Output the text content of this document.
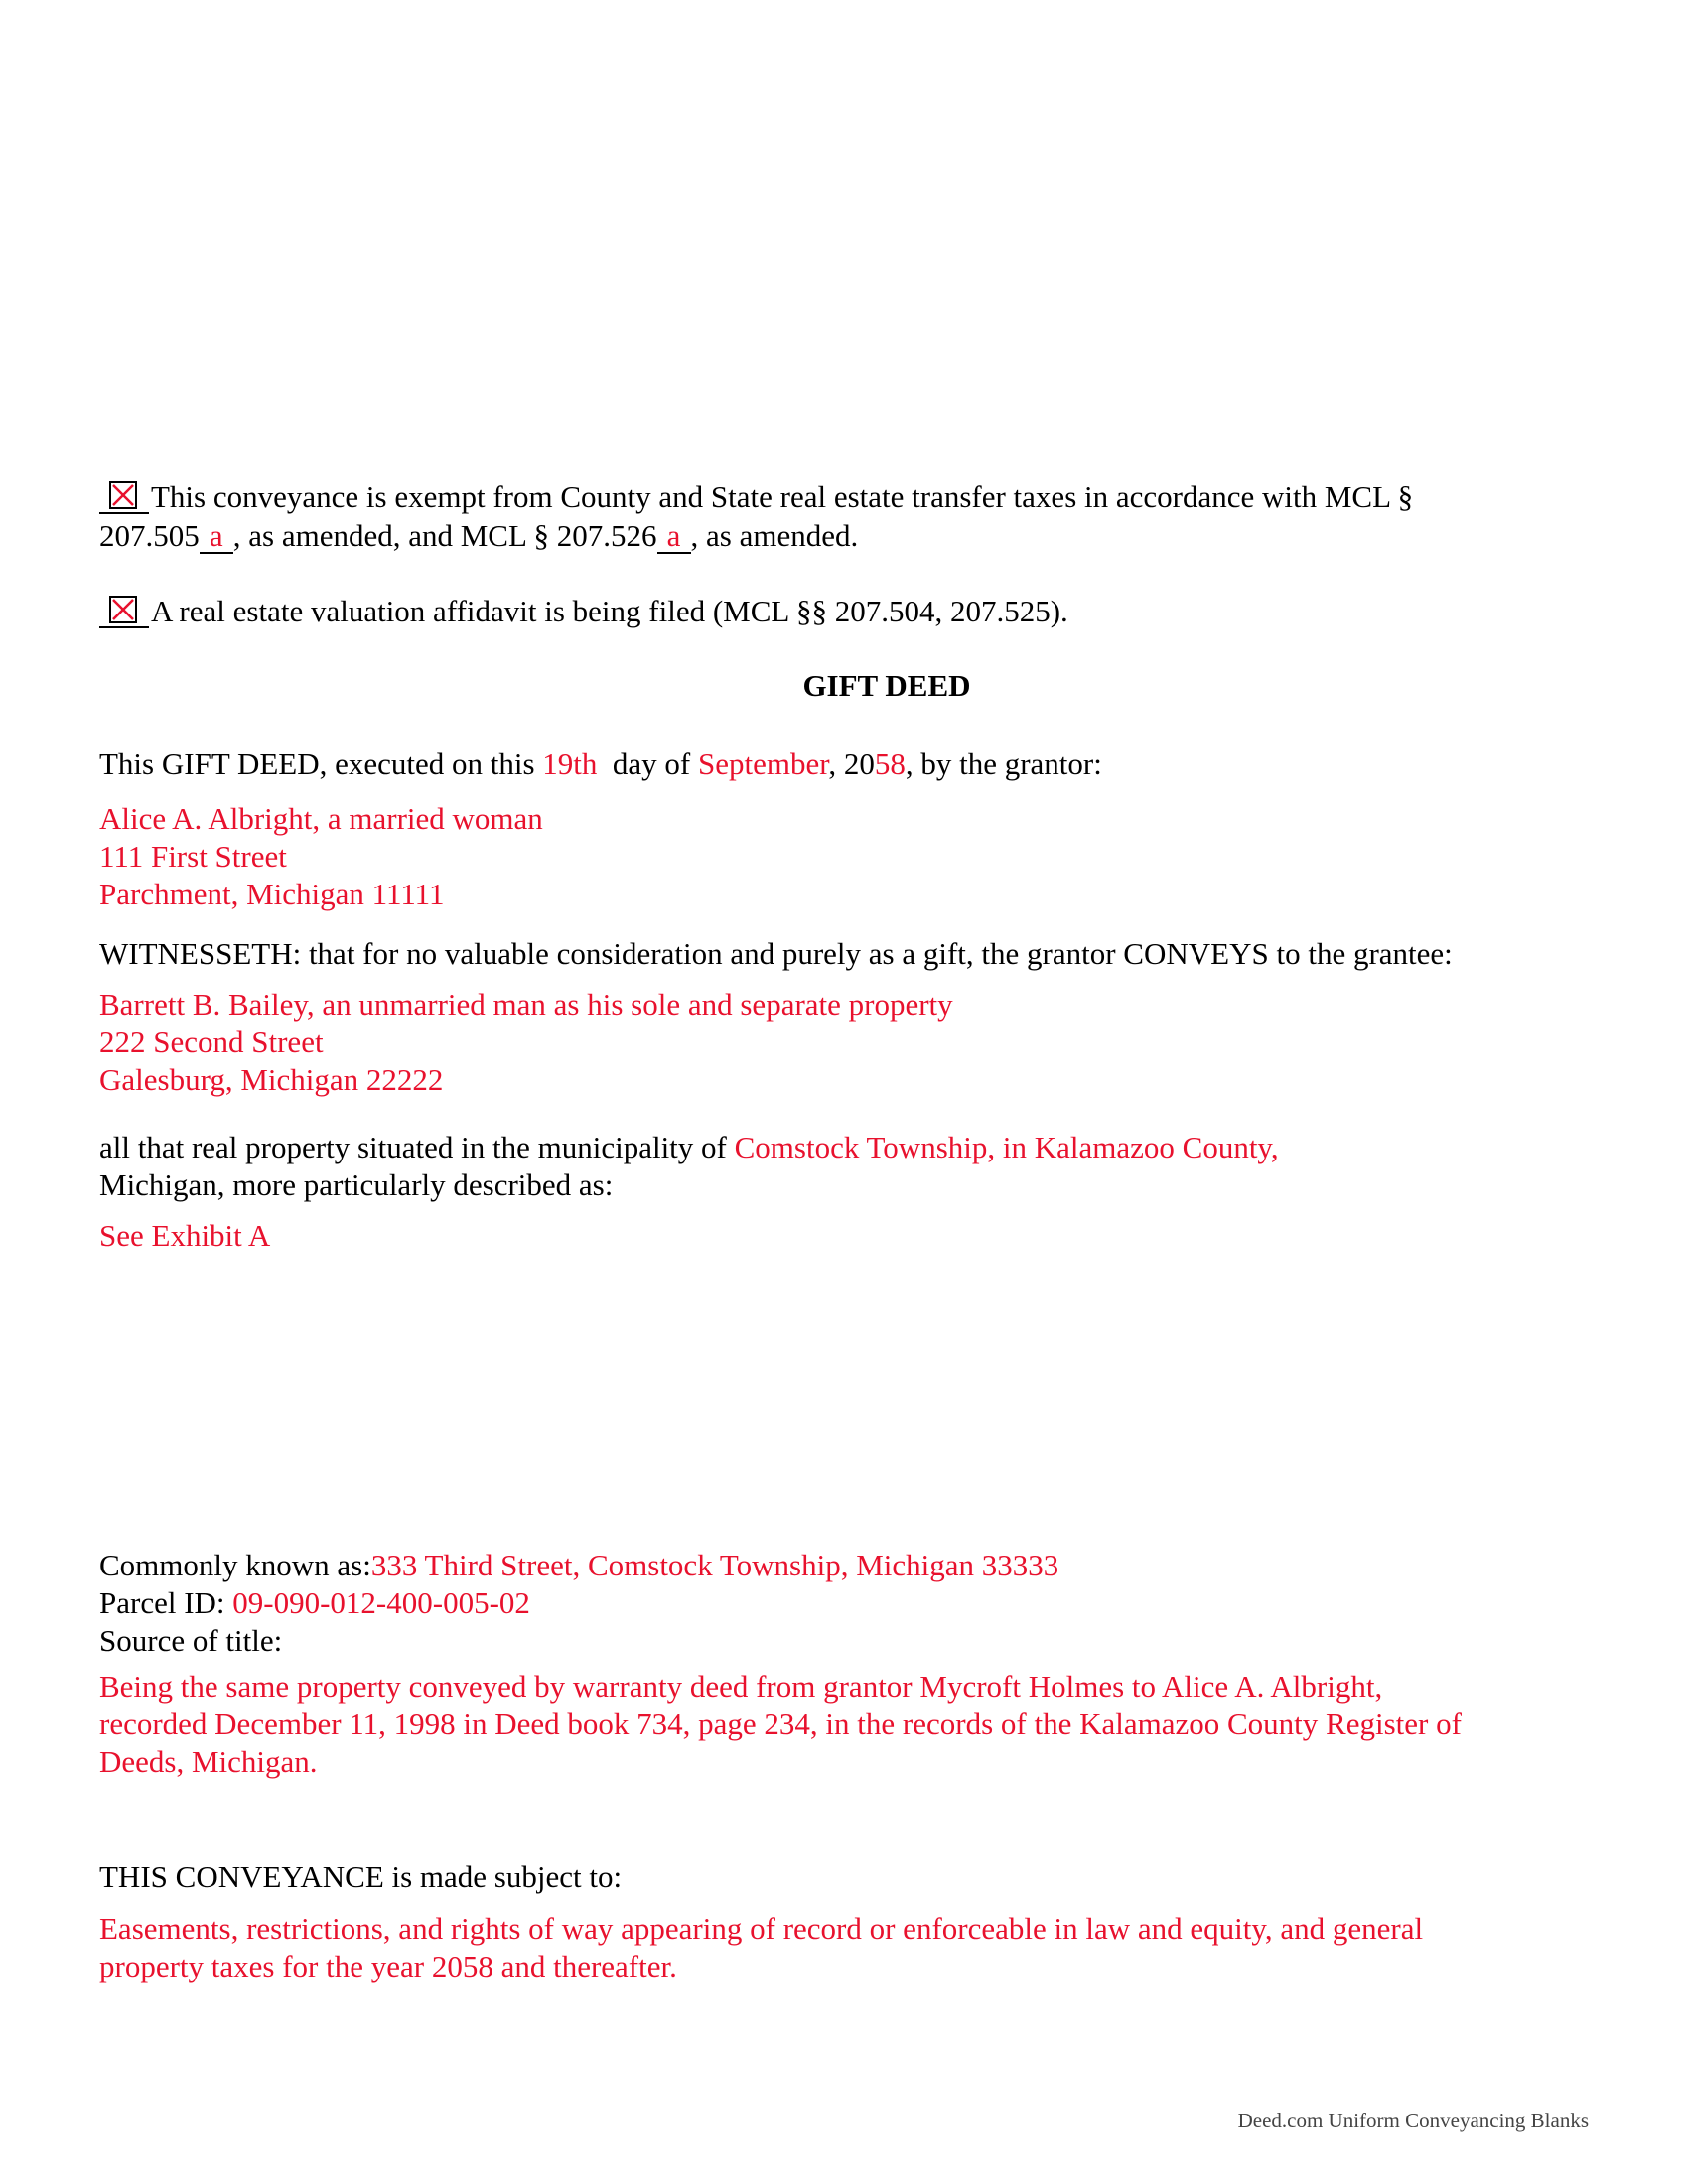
This conveyance is exempt from County and State real estate transfer taxes in accordance with MCL §
207.505 a , as amended, and MCL § 207.526 a , as amended.
A real estate valuation affidavit is being filed (MCL §§ 207.504, 207.525).
GIFT DEED
This GIFT DEED, executed on this 19th day of September, 2058, by the grantor:
Alice A. Albright, a married woman
111 First Street
Parchment, Michigan 11111
WITNESSETH: that for no valuable consideration and purely as a gift, the grantor CONVEYS to the grantee:
Barrett B. Bailey, an unmarried man as his sole and separate property
222 Second Street
Galesburg, Michigan 22222
all that real property situated in the municipality of Comstock Township, in Kalamazoo County,
Michigan, more particularly described as:
See Exhibit A
Commonly known as:333 Third Street, Comstock Township, Michigan 33333
Parcel ID: 09-090-012-400-005-02
Source of title:
Being the same property conveyed by warranty deed from grantor Mycroft Holmes to Alice A. Albright,
recorded December 11, 1998 in Deed book 734, page 234, in the records of the Kalamazoo County Register of
Deeds, Michigan.
THIS CONVEYANCE is made subject to:
Easements, restrictions, and rights of way appearing of record or enforceable in law and equity, and general
property taxes for the year 2058 and thereafter.
Deed.com Uniform Conveyancing Blanks
